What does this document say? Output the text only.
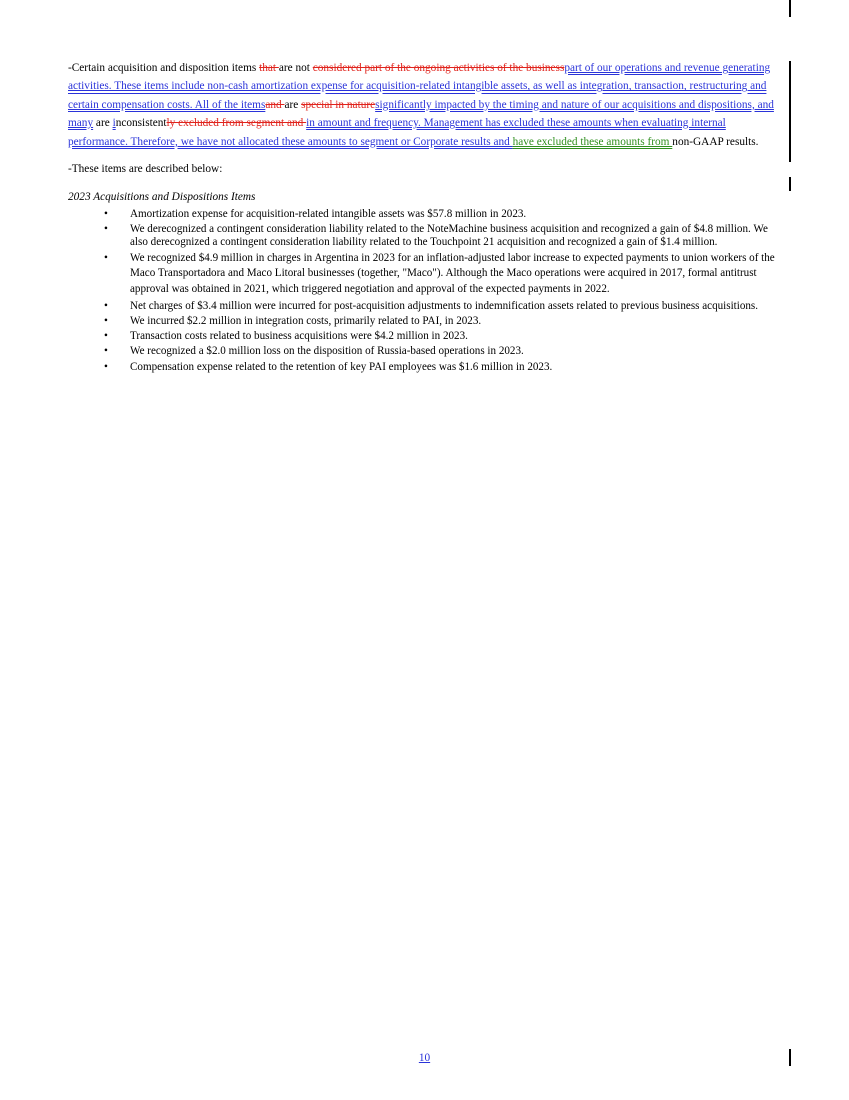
-Certain acquisition and disposition items that are not considered part of the ongoing activities of the businesspart of our operations and revenue generating activities. These items include non-cash amortization expense for acquisition-related intangible assets, as well as integration, transaction, restructuring and certain compensation costs. All of the itemsand are special in naturesignificantly impacted by the timing and nature of our acquisitions and dispositions, and many are inconsistently excluded from segment and in amount and frequency. Management has excluded these amounts when evaluating internal performance. Therefore, we have not allocated these amounts to segment or Corporate results and have excluded these amounts from non-GAAP results.

-These items are described below:
2023 Acquisitions and Dispositions Items
• Amortization expense for acquisition-related intangible assets was $57.8 million in 2023.
• We derecognized a contingent consideration liability related to the NoteMachine business acquisition and recognized a gain of $4.8 million. We also derecognized a contingent consideration liability related to the Touchpoint 21 acquisition and recognized a gain of $1.4 million.
• We recognized $4.9 million in charges in Argentina in 2023 for an inflation-adjusted labor increase to expected payments to union workers of the Maco Transportadora and Maco Litoral businesses (together, "Maco"). Although the Maco operations were acquired in 2017, formal antitrust approval was obtained in 2021, which triggered negotiation and approval of the expected payments in 2022.
• Net charges of $3.4 million were incurred for post-acquisition adjustments to indemnification assets related to previous business acquisitions.
• We incurred $2.2 million in integration costs, primarily related to PAI, in 2023.
• Transaction costs related to business acquisitions were $4.2 million in 2023.
• We recognized a $2.0 million loss on the disposition of Russia-based operations in 2023.
• Compensation expense related to the retention of key PAI employees was $1.6 million in 2023.
10
